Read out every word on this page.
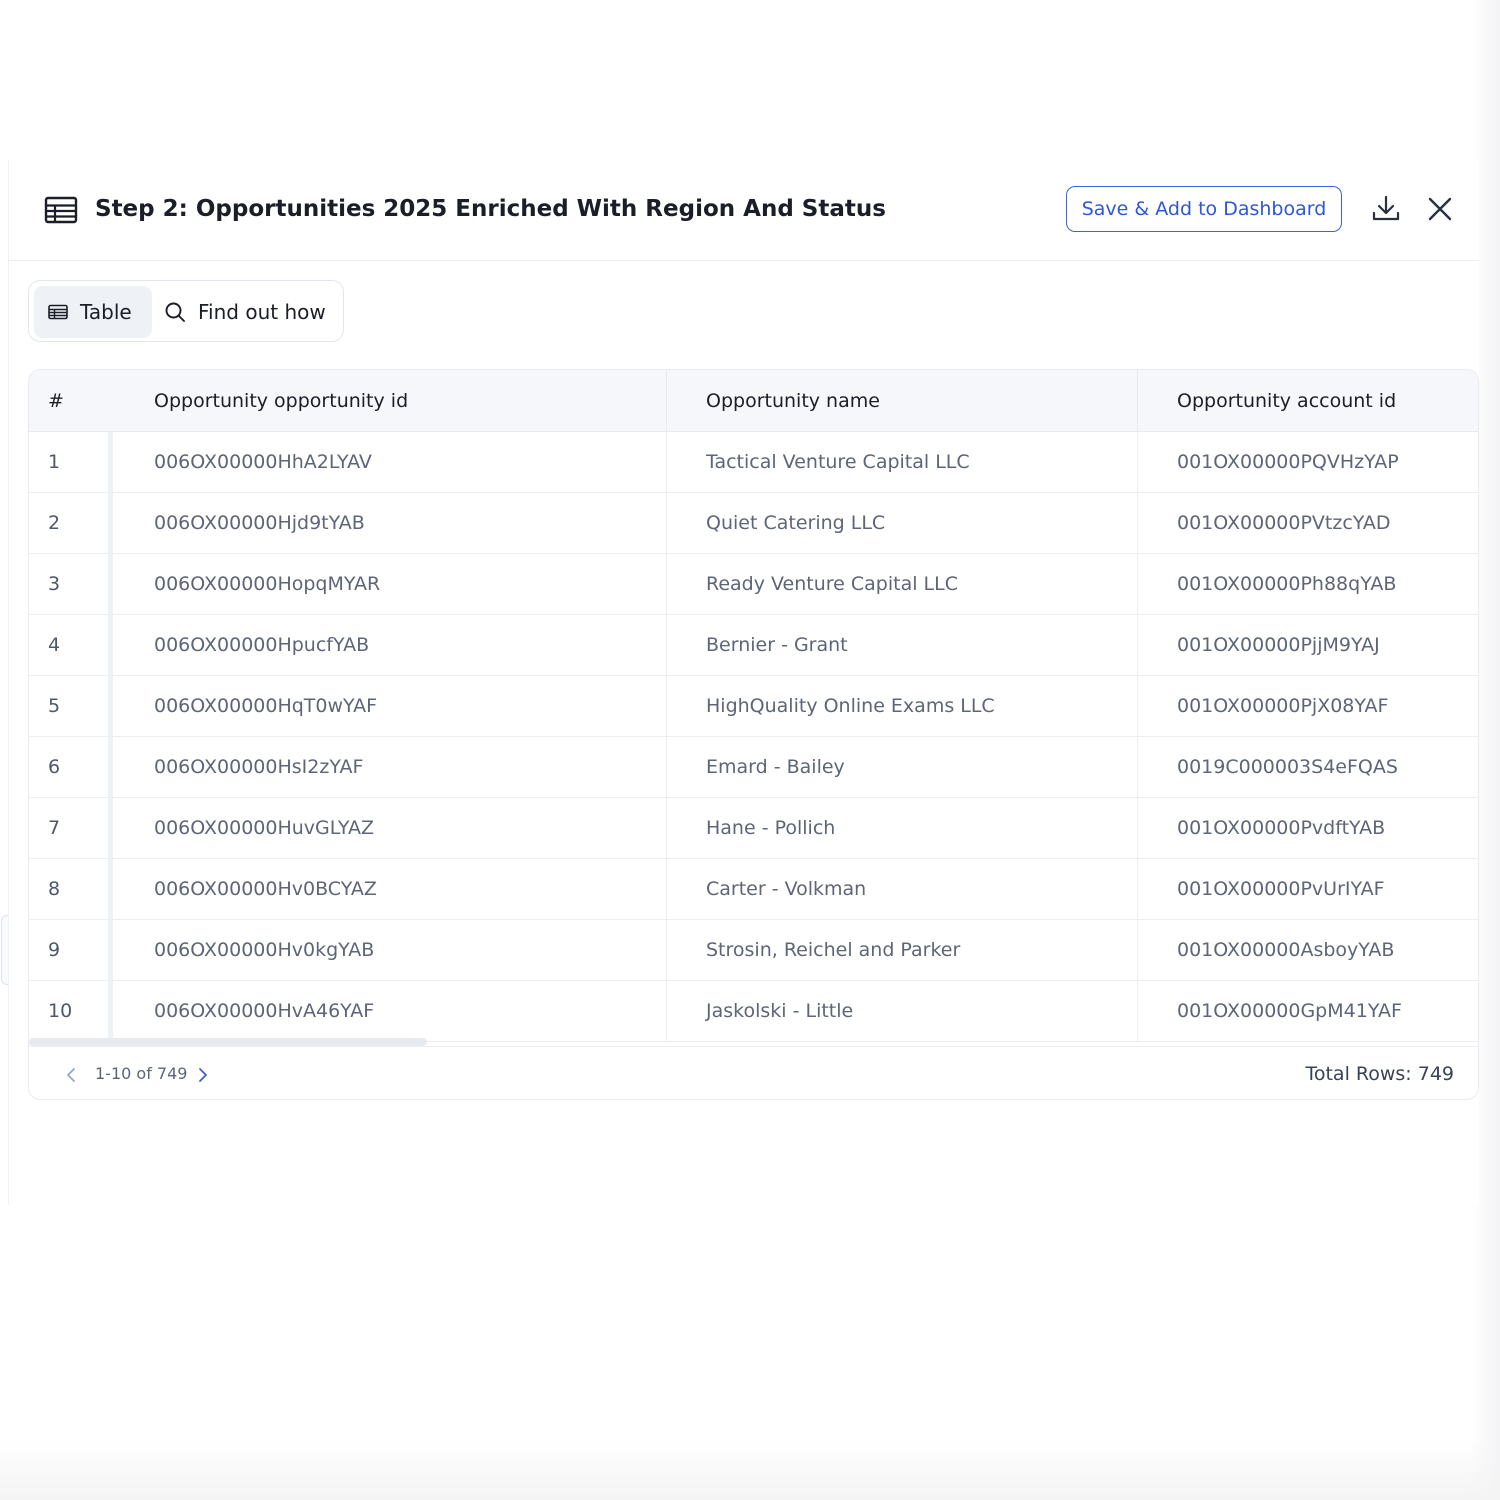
Step 2: Opportunities 2025 Enriched With Region And Status	Save & Add to Dashboard
Table	Find out how
#		Opportunity opportunity id	Opportunity name	Opportunity account id
1		006OX00000HhA2LYAV	Tactical Venture Capital LLC	001OX00000PQVHzYAP
2		006OX00000Hjd9tYAB	Quiet Catering LLC	001OX00000PVtzcYAD
3		006OX00000HopqMYAR	Ready Venture Capital LLC	001OX00000Ph88qYAB
4		006OX00000HpucfYAB	Bernier - Grant	001OX00000PjjM9YAJ
5		006OX00000HqT0wYAF	HighQuality Online Exams LLC	001OX00000PjX08YAF
6		006OX00000HsI2zYAF	Emard - Bailey	0019C000003S4eFQAS
7		006OX00000HuvGLYAZ	Hane - Pollich	001OX00000PvdftYAB
8		006OX00000Hv0BCYAZ	Carter - Volkman	001OX00000PvUrIYAF
9		006OX00000Hv0kgYAB	Strosin, Reichel and Parker	001OX00000AsboyYAB
10		006OX00000HvA46YAF	Jaskolski - Little	001OX00000GpM41YAF
1-10 of 749	Total Rows: 749
